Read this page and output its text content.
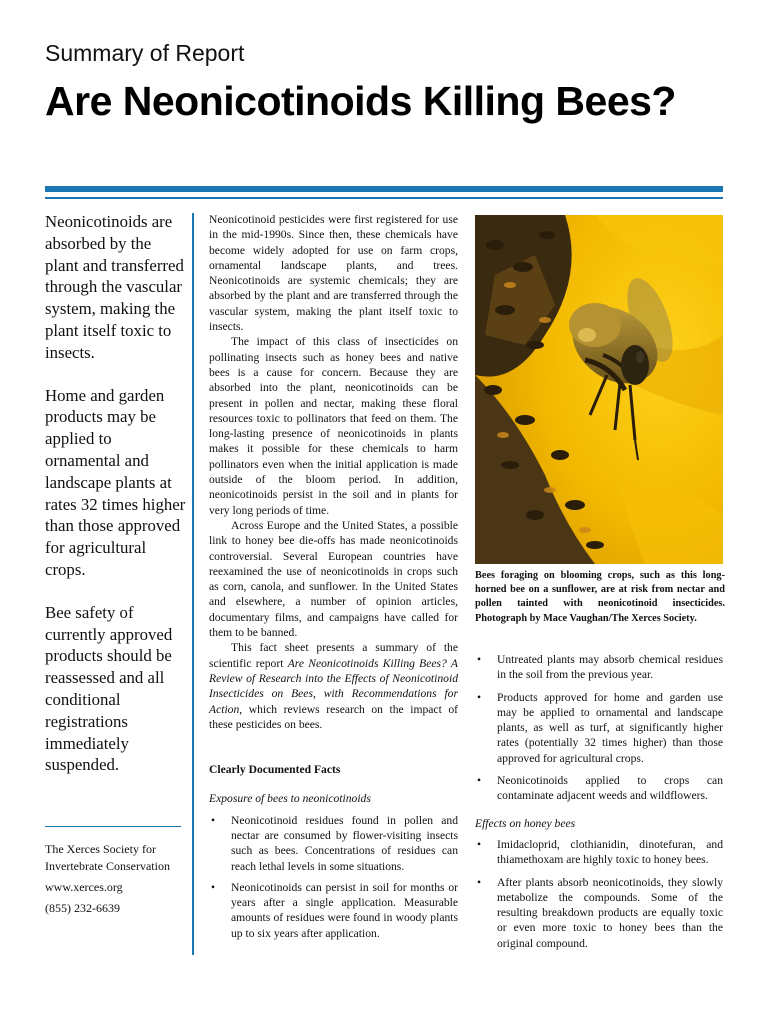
Summary of Report
Are Neonicotinoids Killing Bees?

Neonicotinoids are absorbed by the plant and transferred through the vascular system, making the plant itself toxic to insects.

Home and garden products may be applied to ornamental and landscape plants at rates 32 times higher than those approved for agricultural crops.

Bee safety of currently approved products should be reassessed and all conditional registrations immediately suspended.

The Xerces Society for Invertebrate Conservation
www.xerces.org
(855) 232-6639

Neonicotinoid pesticides were first registered for use in the mid-1990s. Since then, these chemicals have become widely adopted for use on farm crops, ornamental landscape plants, and trees. Neonicotinoids are systemic chemicals; they are absorbed by the plant and are transferred through the vascular system, making the plant itself toxic to insects.

The impact of this class of insecticides on pollinating insects such as honey bees and native bees is a cause for concern. Because they are absorbed into the plant, neonicotinoids can be present in pollen and nectar, making these floral resources toxic to pollinators that feed on them. The long-lasting presence of neonicotinoids in plants makes it possible for these chemicals to harm pollinators even when the initial application is made outside of the bloom period. In addition, neonicotinoids persist in the soil and in plants for very long periods of time.

Across Europe and the United States, a possible link to honey bee die-offs has made neonicotinoids controversial. Several European countries have reexamined the use of neonicotinoids in crops such as corn, canola, and sunflower. In the United States and elsewhere, a number of opinion articles, documentary films, and campaigns have called for them to be banned.

This fact sheet presents a summary of the scientific report Are Neonicotinoids Killing Bees? A Review of Research into the Effects of Neonicotinoid Insecticides on Bees, with Recommendations for Action, which reviews research on the impact of these pesticides on bees.

Clearly Documented Facts

Exposure of bees to neonicotinoids

• Neonicotinoid residues found in pollen and nectar are consumed by flower-visiting insects such as bees. Concentrations of residues can reach lethal levels in some situations.
• Neonicotinoids can persist in soil for months or years after a single application. Measurable amounts of residues were found in woody plants up to six years after application.
Bees foraging on blooming crops, such as this long-horned bee on a sunflower, are at risk from nectar and pollen tainted with neonicotinoid insecticides. Photograph by Mace Vaughan/The Xerces Society.
• Untreated plants may absorb chemical residues in the soil from the previous year.
• Products approved for home and garden use may be applied to ornamental and landscape plants, as well as turf, at significantly higher rates (potentially 32 times higher) than those approved for agricultural crops.
• Neonicotinoids applied to crops can contaminate adjacent weeds and wildflowers.

Effects on honey bees

• Imidacloprid, clothianidin, dinotefuran, and thiamethoxam are highly toxic to honey bees.
• After plants absorb neonicotinoids, they slowly metabolize the compounds. Some of the resulting breakdown products are equally toxic or even more toxic to honey bees than the original compound.
